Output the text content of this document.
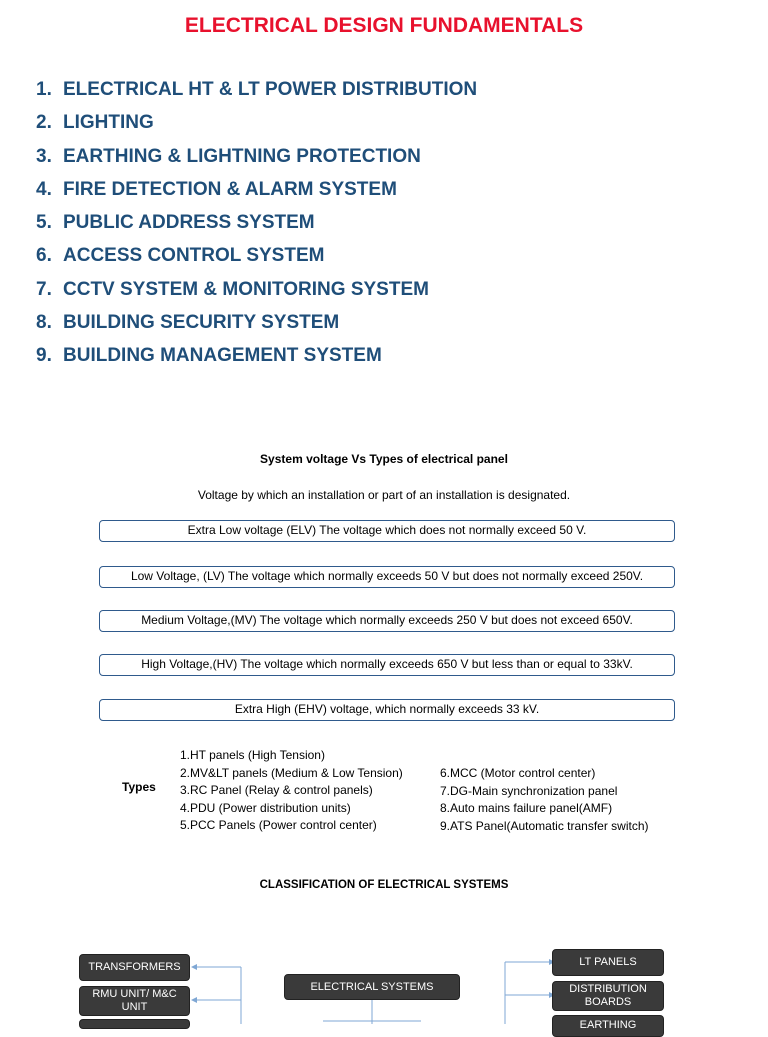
ELECTRICAL DESIGN FUNDAMENTALS
1. ELECTRICAL HT & LT POWER DISTRIBUTION
2. LIGHTING
3. EARTHING & LIGHTNING PROTECTION
4. FIRE DETECTION & ALARM SYSTEM
5. PUBLIC ADDRESS SYSTEM
6. ACCESS CONTROL SYSTEM
7. CCTV SYSTEM & MONITORING SYSTEM
8. BUILDING SECURITY SYSTEM
9. BUILDING MANAGEMENT SYSTEM
System voltage Vs Types of electrical panel
Voltage by which an installation or part of an installation is designated.
Extra Low voltage (ELV) The voltage which does not normally exceed 50 V.
Low Voltage, (LV) The voltage which normally exceeds 50 V but does not normally exceed 250V.
Medium Voltage,(MV) The voltage which normally exceeds 250 V but does not exceed 650V.
High Voltage,(HV) The voltage which normally exceeds 650 V but less than or equal to 33kV.
Extra High (EHV) voltage, which normally exceeds 33 kV.
Types
1.HT panels (High Tension)
2.MV&LT panels (Medium & Low Tension)
3.RC Panel (Relay & control panels)
4.PDU (Power distribution units)
5.PCC Panels (Power control center)
6.MCC (Motor control center)
7.DG-Main synchronization panel
8.Auto mains failure panel(AMF)
9.ATS Panel(Automatic transfer switch)
CLASSIFICATION OF ELECTRICAL SYSTEMS
TRANSFORMERS
RMU UNIT/ M&C UNIT
ELECTRICAL SYSTEMS
LT PANELS
DISTRIBUTION BOARDS
EARTHING
